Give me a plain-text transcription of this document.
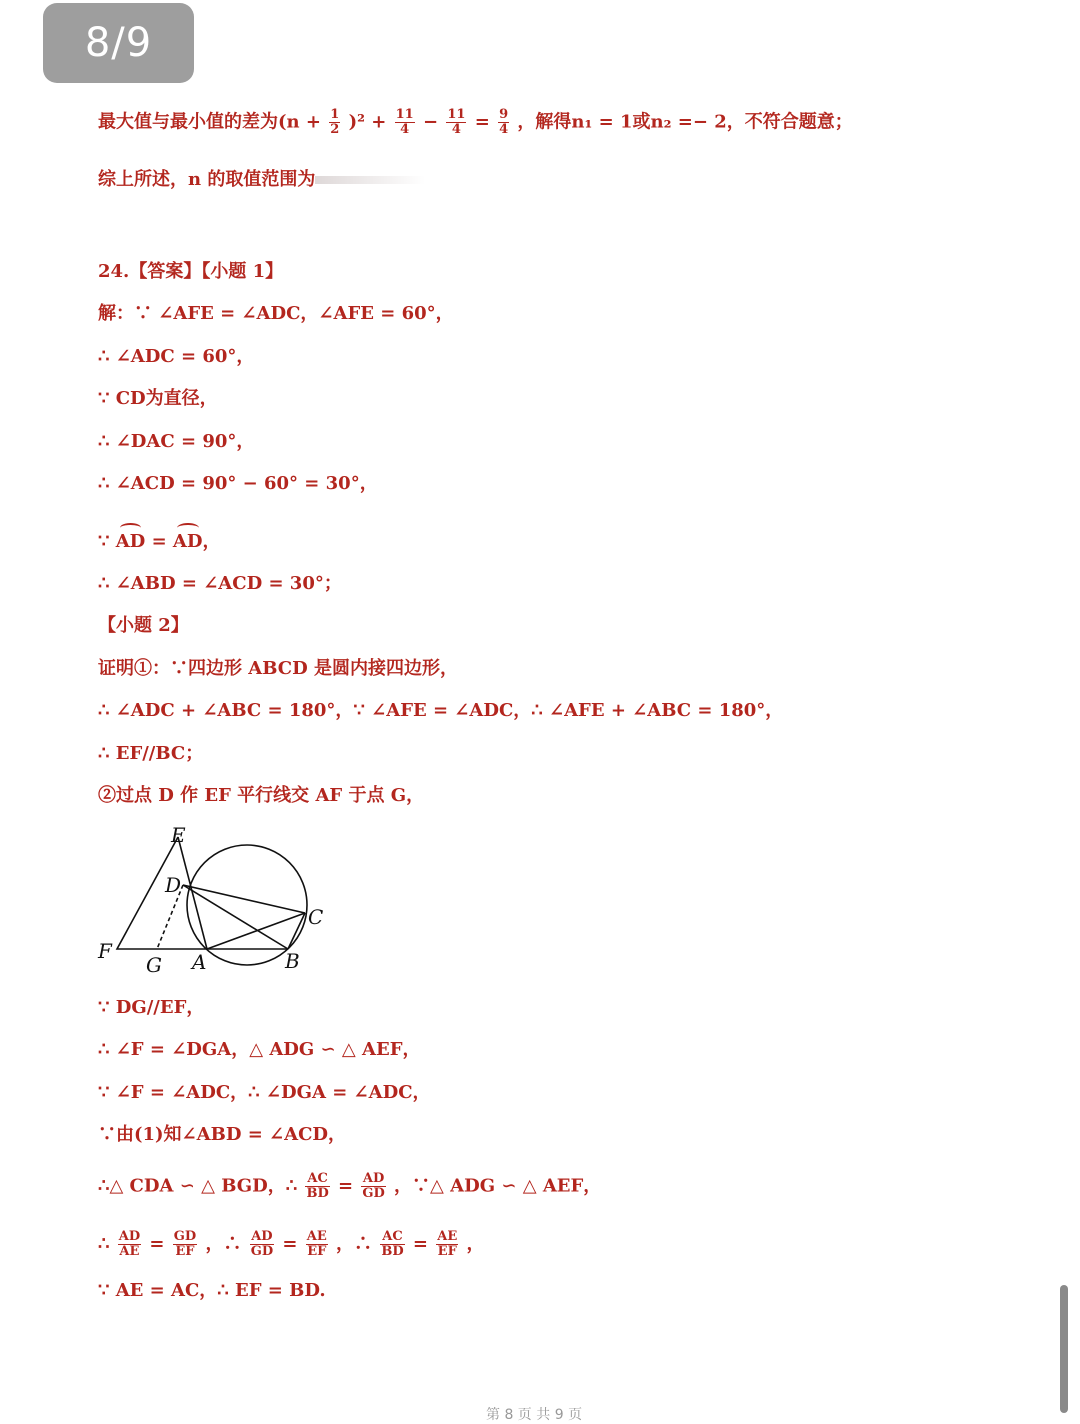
8/9
最大值与最小值的差为$(n + \frac{1}{2} )^2 + \frac{11}{4} - \frac{11}{4} = \frac{9}{4}$ ，解得n₁ = 1或n₂ =− 2，不符合题意；
综上所述，n 的取值范围为
24.【答案】【小题 1】
解：∵ ∠AFE = ∠ADC，∠AFE = 60°，
∴ ∠ADC = 60°，
∵ CD为直径，
∴ ∠DAC = 90°，
∴ ∠ACD = 90° − 60° = 30°，
∵ AD = AD，
∴ ∠ABD = ∠ACD = 30°；
【小题 2】
证明①：∵四边形 ABCD 是圆内接四边形，
∴ ∠ADC + ∠ABC = 180°，∵ ∠AFE = ∠ADC，∴ ∠AFE + ∠ABC = 180°，
∴ EF//BC；
②过点 D 作 EF 平行线交 AF 于点 G，
E
D
C
F
G A	B
∵ DG//EF，
∴ ∠F = ∠DGA，△ ADG ∽ △ AEF，
∵ ∠F = ∠ADC，∴ ∠DGA = ∠ADC，
∵由(1)知∠ABD = ∠ACD，
∴△ CDA ∽ △ BGD，∴ $\frac{AC}{BD} = \frac{AD}{GD}$ ，∵△ ADG ∽ △ AEF，
∴ $\frac{AD}{AE} = \frac{GD}{EF}$ ，∴ $\frac{AD}{GD} = \frac{AE}{EF}$ ，∴ $\frac{AC}{BD} = \frac{AE}{EF}$ ，
∵ AE = AC，∴ EF = BD.
第 8 页 共 9 页
